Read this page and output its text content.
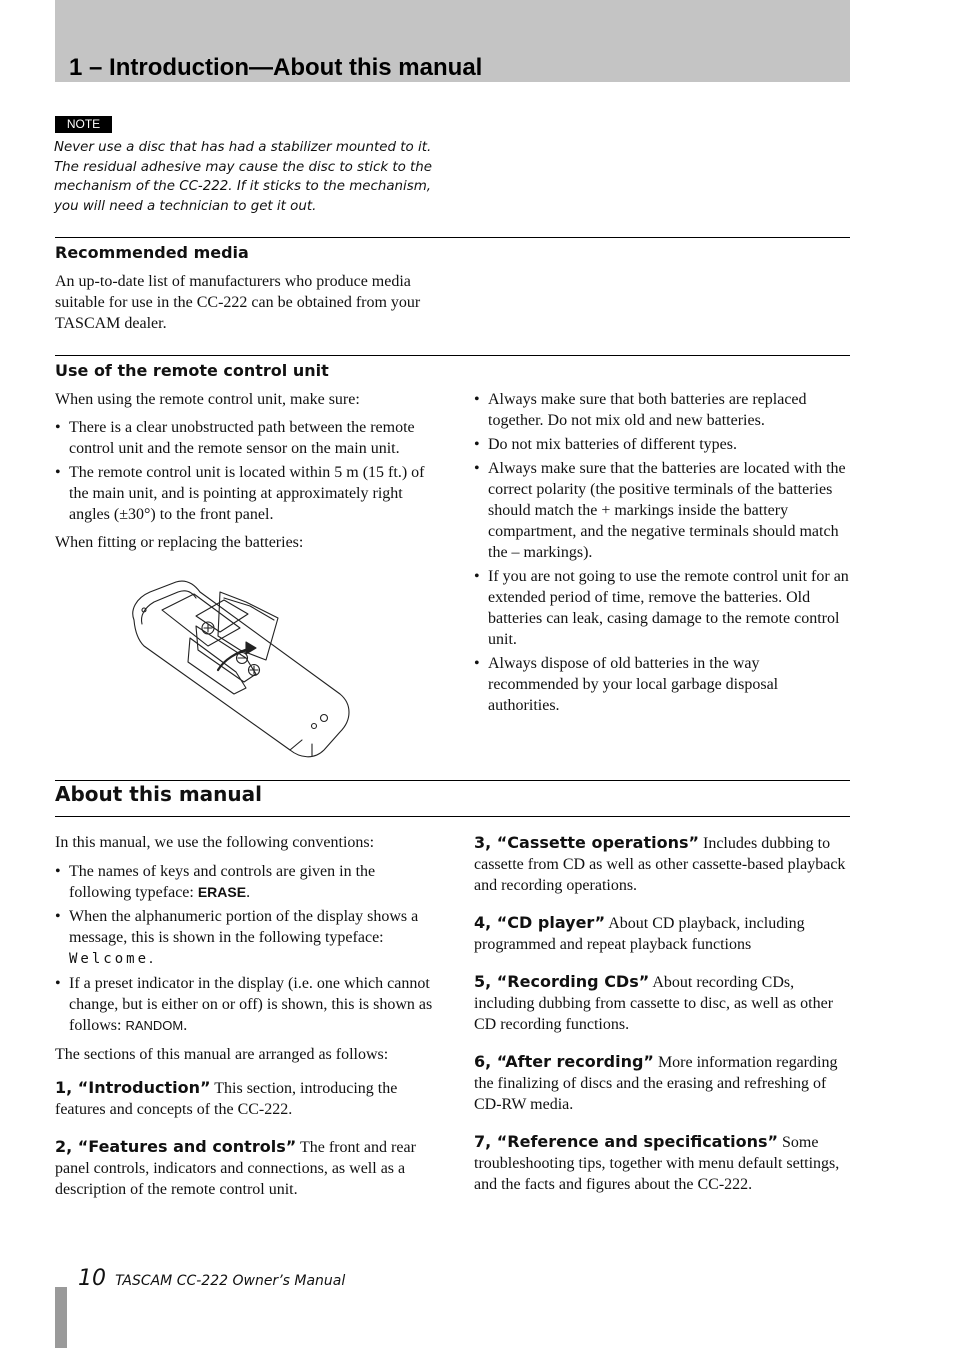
1 – Introduction—About this manual
NOTE
Never use a disc that has had a stabilizer mounted to it. The residual adhesive may cause the disc to stick to the mechanism of the CC-222. If it sticks to the mechanism, you will need a technician to get it out.
Recommended media

An up-to-date list of manufacturers who produce media suitable for use in the CC-222 can be obtained from your TASCAM dealer.

Use of the remote control unit

When using the remote control unit, make sure:

• There is a clear unobstructed path between the remote control unit and the remote sensor on the main unit.
• The remote control unit is located within 5 m (15 ft.) of the main unit, and is pointing at approximately right angles (±30°) to the front panel.

When fitting or replacing the batteries:

• Always make sure that both batteries are replaced together. Do not mix old and new batteries.
• Do not mix batteries of different types.
• Always make sure that the batteries are located with the correct polarity (the positive terminals of the batteries should match the + markings inside the battery compartment, and the negative terminals should match the – markings).
• If you are not going to use the remote control unit for an extended period of time, remove the batteries. Old batteries can leak, casing damage to the remote control unit.
• Always dispose of old batteries in the way recommended by your local garbage disposal authorities.
About this manual

In this manual, we use the following conventions:

• The names of keys and controls are given in the following typeface: ERASE.
• When the alphanumeric portion of the display shows a message, this is shown in the following typeface: Welcome.
• If a preset indicator in the display (i.e. one which cannot change, but is either on or off) is shown, this is shown as follows: RANDOM.

The sections of this manual are arranged as follows:

1, “Introduction” This section, introducing the features and concepts of the CC-222.

2, “Features and controls” The front and rear panel controls, indicators and connections, as well as a description of the remote control unit.

3, “Cassette operations” Includes dubbing to cassette from CD as well as other cassette-based playback and recording operations.

4, “CD player” About CD playback, including programmed and repeat playback functions

5, “Recording CDs” About recording CDs, including dubbing from cassette to disc, as well as other CD recording functions.

6, “After recording” More information regarding the finalizing of discs and the erasing and refreshing of CD-RW media.

7, “Reference and specifications” Some troubleshooting tips, together with menu default settings, and the facts and figures about the CC-222.

10 TASCAM CC-222 Owner’s Manual
